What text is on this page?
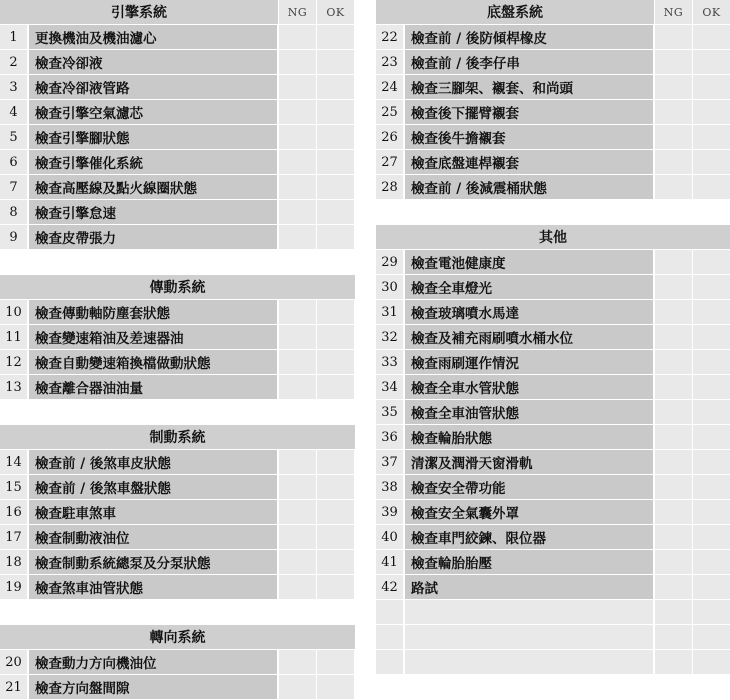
引擎系統	NG	OK
1	更換機油及機油濾心
2	檢查冷卻液
3	檢查冷卻液管路
4	檢查引擎空氣濾芯
5	檢查引擎腳狀態
6	檢查引擎催化系統
7	檢查高壓線及點火線圈狀態
8	檢查引擎怠速
9	檢查皮帶張力
傳動系統
10 檢查傳動軸防塵套狀態
11 檢查變速箱油及差速器油
12 檢查自動變速箱換檔做動狀態
13 檢查離合器油油量
制動系統
14 檢查前 / 後煞車皮狀態
15 檢查前 / 後煞車盤狀態
16 檢查駐車煞車
17 檢查制動液油位
18 檢查制動系統總泵及分泵狀態
19 檢查煞車油管狀態
轉向系統
20 檢查動力方向機油位
21 檢查方向盤間隙
底盤系統	NG	OK
22 檢查前 / 後防傾桿橡皮
23 檢查前 / 後李仔串
24 檢查三腳架、襯套、和尚頭
25 檢查後下擺臂襯套
26 檢查後牛擔襯套
27 檢查底盤連桿襯套
28 檢查前 / 後減震桶狀態
其他
29 檢查電池健康度
30 檢查全車燈光
31 檢查玻璃噴水馬達
32 檢查及補充雨刷噴水桶水位
33 檢查雨刷運作情況
34 檢查全車水管狀態
35 檢查全車油管狀態
36 檢查輪胎狀態
37 清潔及潤滑天窗滑軌
38 檢查安全帶功能
39 檢查安全氣囊外罩
40 檢查車門絞鍊、限位器
41 檢查輪胎胎壓
42 路試
